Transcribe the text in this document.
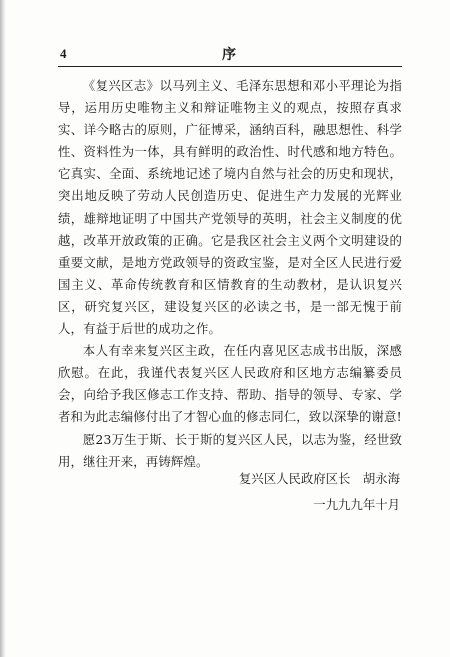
4	序

《复兴区志》以马列主义、毛泽东思想和邓小平理论为指导，运用历史唯物主义和辩证唯物主义的观点，按照存真求实、详今略古的原则，广征博采，涵纳百科，融思想性、科学性、资料性为一体，具有鲜明的政治性、时代感和地方特色。它真实、全面、系统地记述了境内自然与社会的历史和现状，突出地反映了劳动人民创造历史、促进生产力发展的光辉业绩，雄辩地证明了中国共产党领导的英明，社会主义制度的优越，改革开放政策的正确。它是我区社会主义两个文明建设的重要文献，是地方党政领导的资政宝鉴，是对全区人民进行爱国主义、革命传统教育和区情教育的生动教材，是认识复兴区，研究复兴区，建设复兴区的必读之书，是一部无愧于前人，有益于后世的成功之作。

本人有幸来复兴区主政，在任内喜见区志成书出版，深感欣慰。在此，我谨代表复兴区人民政府和区地方志编纂委员会，向给予我区修志工作支持、帮助、指导的领导、专家、学者和为此志编修付出了才智心血的修志同仁，致以深挚的谢意!

愿23万生于斯、长于斯的复兴区人民，以志为鉴，经世致用，继往开来，再铸辉煌。

复兴区人民政府区长　胡永海
一九九九年十月
